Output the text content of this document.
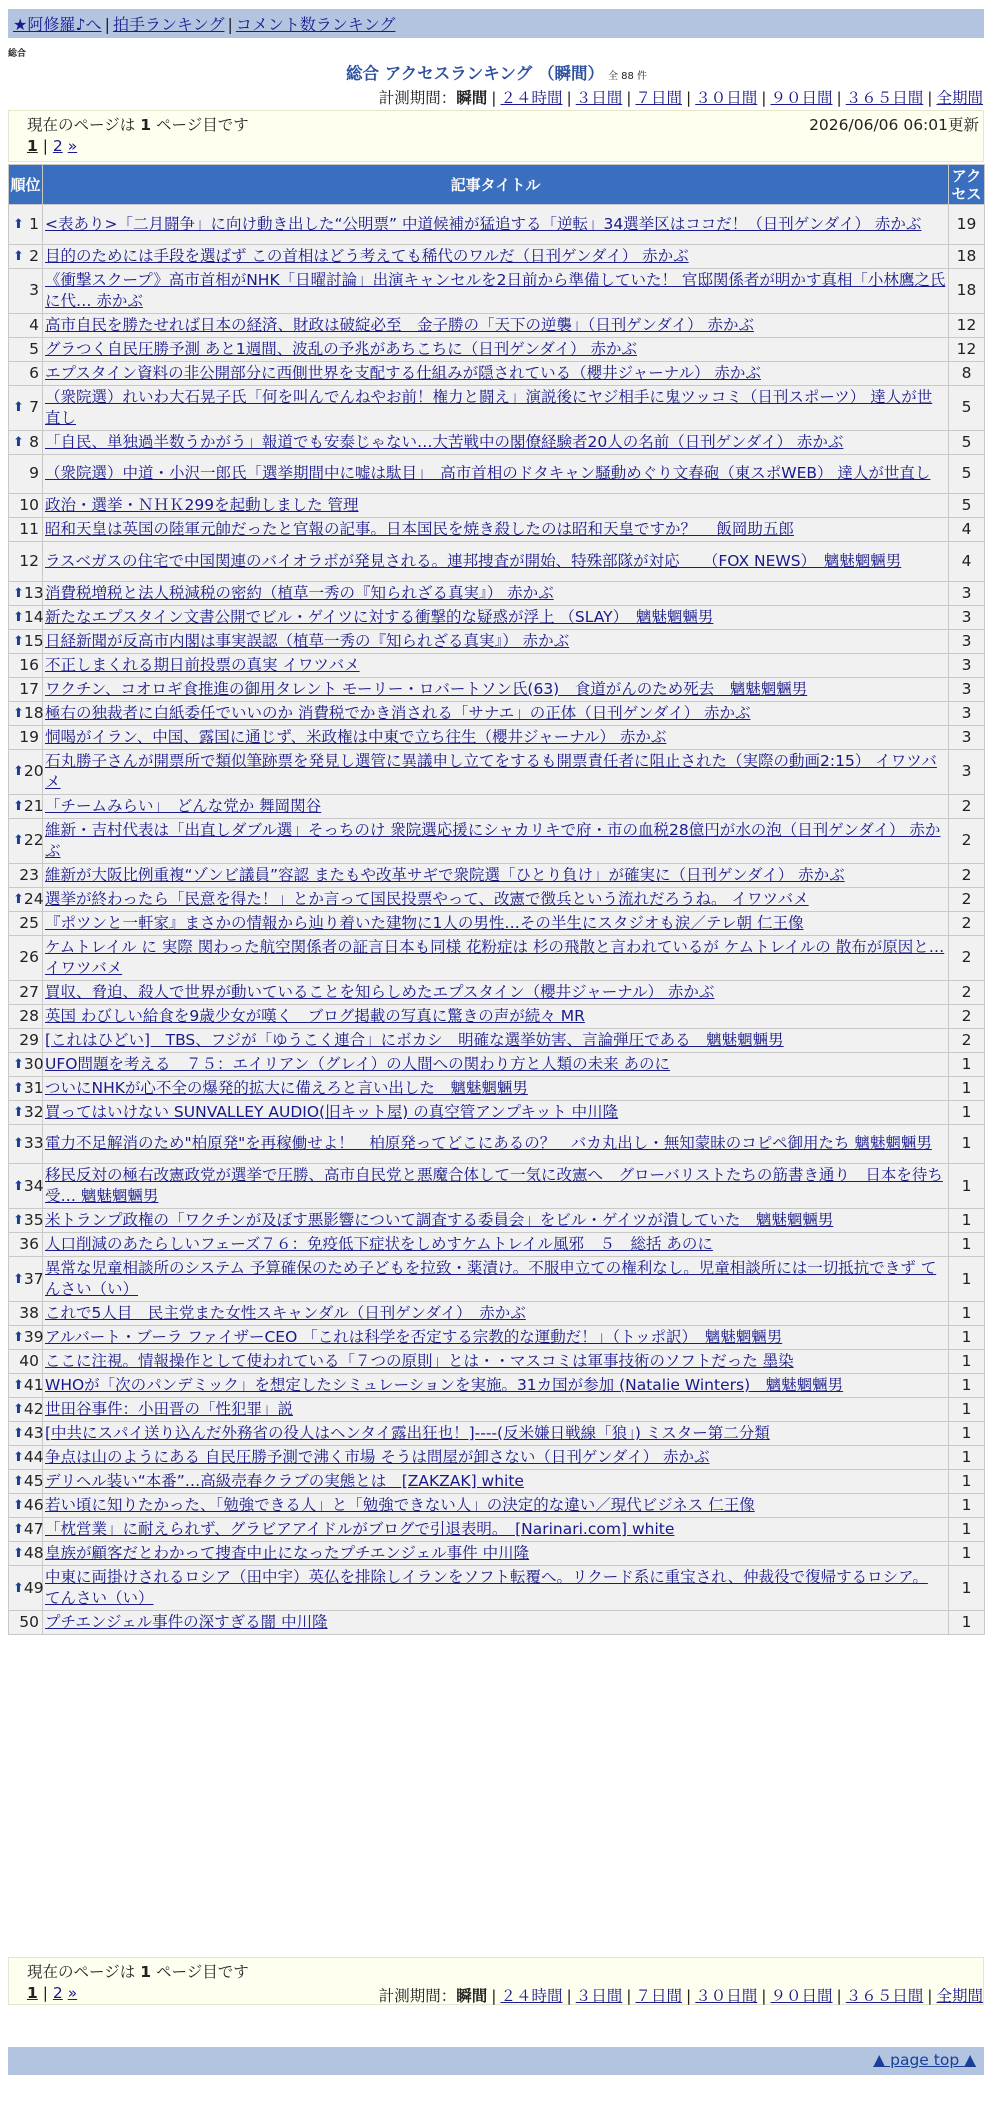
★阿修羅♪へ | 拍手ランキング | コメント数ランキング
総合
総合 アクセスランキング （瞬間） 全 88 件
計測期間：瞬間 | ２４時間 | ３日間 | ７日間 | ３０日間 | ９０日間 | ３６５日間 | 全期間
現在のページは 1 ページ目です	2026/06/06 06:01更新
1 | 2 »
順位	記事タイトル	アクセス

⬆ 1	<表あり>「二月闘争」に向け動き出した“公明票” 中道候補が猛追する「逆転」34選挙区はココだ！（日刊ゲンダイ） 赤かぶ	19

⬆ 2	目的のためには手段を選ばず この首相はどう考えても稀代のワルだ（日刊ゲンダイ） 赤かぶ	18
3	《衝撃スクープ》高市首相がNHK「日曜討論」出演キャンセルを2日前から準備していた！ 官邸関係者が明かす真相「小林鷹之氏に代… 赤かぶ	18
4	高市自民を勝たせれば日本の経済、財政は破綻必至　金子勝の「天下の逆襲」（日刊ゲンダイ） 赤かぶ	12
5	グラつく自民圧勝予測 あと1週間、波乱の予兆があちこちに（日刊ゲンダイ） 赤かぶ	12
6	エプスタイン資料の非公開部分に西側世界を支配する仕組みが隠されている（櫻井ジャーナル） 赤かぶ	8

⬆ 7	（衆院選）れいわ大石晃子氏「何を叫んでんねやお前！権力と闘え」演説後にヤジ相手に鬼ツッコミ（日刊スポーツ） 達人が世直し	5

⬆ 8	「自民、単独過半数うかがう」報道でも安泰じゃない…大苦戦中の閣僚経験者20人の名前（日刊ゲンダイ） 赤かぶ	5
9	（衆院選）中道・小沢一郎氏「選挙期間中に嘘は駄目」　高市首相のドタキャン騒動めぐり文春砲（東スポWEB） 達人が世直し	5
10	政治・選挙・ＮＨＫ299を起動しました 管理	5
11	昭和天皇は英国の陸軍元帥だったと官報の記事。日本国民を焼き殺したのは昭和天皇ですか？　 飯岡助五郎	4
12	ラスベガスの住宅で中国関連のバイオラボが発見される。連邦捜査が開始、特殊部隊が対応　　（FOX NEWS）　魑魅魍魎男	4

⬆ 13	消費税増税と法人税減税の密約（植草一秀の『知られざる真実』） 赤かぶ	3

⬆ 14	新たなエプスタイン文書公開でビル・ゲイツに対する衝撃的な疑惑が浮上 （SLAY）　魑魅魍魎男	3

⬆ 15	日経新聞が反高市内閣は事実誤認（植草一秀の『知られざる真実』） 赤かぶ	3
16	不正しまくれる期日前投票の真実 イワツバメ	3
17	ワクチン、コオロギ食推進の御用タレント モーリー・ロバートソン氏(63)　食道がんのため死去　魑魅魍魎男	3

⬆ 18	極右の独裁者に白紙委任でいいのか 消費税でかき消される「サナエ」の正体（日刊ゲンダイ） 赤かぶ	3
19	恫喝がイラン、中国、露国に通じず、米政権は中東で立ち往生（櫻井ジャーナル） 赤かぶ	3

⬆ 20	石丸勝子さんが開票所で類似筆跡票を発見し選管に異議申し立てをするも開票責任者に阻止された（実際の動画2:15） イワツバメ	3

⬆ 21	「チームみらい」　どんな党か 舞岡関谷	2

⬆ 22	維新・吉村代表は「出直しダブル選」そっちのけ 衆院選応援にシャカリキで府・市の血税28億円が水の泡（日刊ゲンダイ） 赤かぶ	2
23	維新が大阪比例重複“ゾンビ議員”容認 またもや改革サギで衆院選「ひとり負け」が確実に（日刊ゲンダイ） 赤かぶ	2

⬆ 24	選挙が終わったら「民意を得た！」とか言って国民投票やって、改憲で徴兵という流れだろうね。 イワツバメ	2
25	『ポツンと一軒家』まさかの情報から辿り着いた建物に1人の男性…その半生にスタジオも涙／テレ朝 仁王像	2
26	ケムトレイル に 実際 関わった航空関係者の証言日本も同様 花粉症は 杉の飛散と言われているが ケムトレイルの 散布が原因と… イワツバメ	2
27	買収、脅迫、殺人で世界が動いていることを知らしめたエプスタイン（櫻井ジャーナル） 赤かぶ	2
28	英国 わびしい給食を9歳少女が嘆く　ブログ掲載の写真に驚きの声が続々 MR	2
29	[これはひどい]　TBS、フジが「ゆうこく連合」にボカシ　明確な選挙妨害、言論弾圧である　魑魅魍魎男	2

⬆ 30	UFO問題を考える　７５：エイリアン（グレイ）の人間への関わり方と人類の未来 あのに	1

⬆ 31	ついにNHKが心不全の爆発的拡大に備えろと言い出した　魑魅魍魎男	1

⬆ 32	買ってはいけない SUNVALLEY AUDIO(旧キット屋) の真空管アンプキット 中川隆	1

⬆ 33	電力不足解消のため"柏原発"を再稼働せよ！　柏原発ってどこにあるの？　バカ丸出し・無知蒙昧のコピペ御用たち 魑魅魍魎男	1

⬆ 34	移民反対の極右改憲政党が選挙で圧勝、高市自民党と悪魔合体して一気に改憲へ　グローバリストたちの筋書き通り　日本を待ち受… 魑魅魍魎男	1

⬆ 35	米トランプ政権の「ワクチンが及ぼす悪影響について調査する委員会」をビル・ゲイツが潰していた　魑魅魍魎男	1
36	人口削減のあたらしいフェーズ７６：免疫低下症状をしめすケムトレイル風邪　５　総括 あのに	1

⬆ 37	異常な児童相談所のシステム 予算確保のため子どもを拉致・薬漬け。不服申立ての権利なし。児童相談所には一切抵抗できず てんさい（い）	1
38	これで5人目　民主党また女性スキャンダル（日刊ゲンダイ）　赤かぶ	1

⬆ 39	アルバート・ブーラ ファイザーCEO 「これは科学を否定する宗教的な運動だ！」（トッポ訳）　魑魅魍魎男	1
40	ここに注視。情報操作として使われている「７つの原則」とは・・マスコミは軍事技術のソフトだった 墨染	1

⬆ 41	WHOが「次のパンデミック」を想定したシミュレーションを実施。31カ国が参加 (Natalie Winters)　魑魅魍魎男	1

⬆ 42	世田谷事件：小田晋の「性犯罪」説	1

⬆ 43	[中共にスパイ送り込んだ外務省の役人はヘンタイ露出狂也！]----(反米嫌日戦線「狼」) ミスター第二分類	1

⬆ 44	争点は山のようにある 自民圧勝予測で沸く市場 そうは問屋が卸さない（日刊ゲンダイ） 赤かぶ	1

⬆ 45	デリヘル装い“本番”…高級売春クラブの実態とは　[ZAKZAK] white	1

⬆ 46	若い頃に知りたかった、「勉強できる人」と「勉強できない人」の決定的な違い／現代ビジネス 仁王像	1

⬆ 47	「枕営業」に耐えられず、グラビアアイドルがブログで引退表明。　[Narinari.com] white	1

⬆ 48	皇族が顧客だとわかって捜査中止になったプチエンジェル事件 中川隆	1

⬆ 49	中東に両掛けされるロシア（田中宇）英仏を排除しイランをソフト転覆へ。リクード系に重宝され、仲裁役で復帰するロシア。 てんさい（い）	1
50	プチエンジェル事件の深すぎる闇 中川隆	1
現在のページは 1 ページ目です
1 | 2 »	計測期間：瞬間 | ２４時間 | ３日間 | ７日間 | ３０日間 | ９０日間 | ３６５日間 | 全期間
▲ page top ▲
